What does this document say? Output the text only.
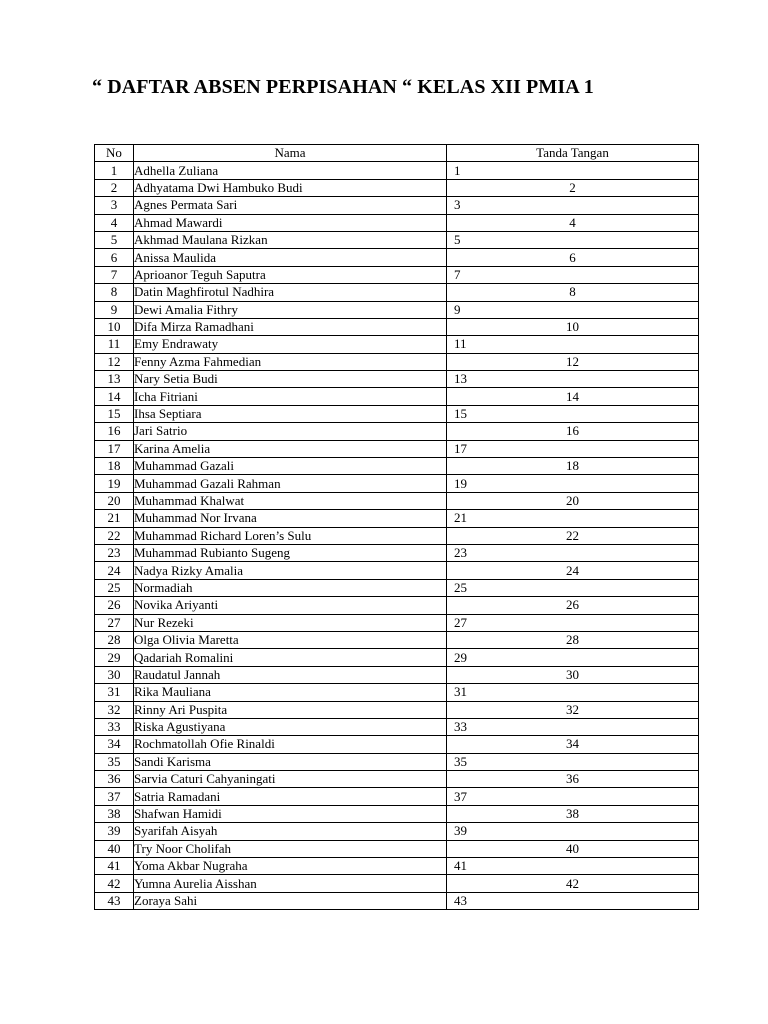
“ DAFTAR ABSEN PERPISAHAN “ KELAS XII PMIA 1
No	Nama	Tanda Tangan
1	Adhella Zuliana	1
2	Adhyatama Dwi Hambuko Budi	2
3	Agnes Permata Sari	3
4	Ahmad Mawardi	4
5	Akhmad Maulana Rizkan	5
6	Anissa Maulida	6
7	Aprioanor Teguh Saputra	7
8	Datin Maghfirotul Nadhira	8
9	Dewi Amalia Fithry	9
10	Difa Mirza Ramadhani	10
11	Emy Endrawaty	11
12	Fenny Azma Fahmedian	12
13	Nary Setia Budi	13
14	Icha Fitriani	14
15	Ihsa Septiara	15
16	Jari Satrio	16
17	Karina Amelia	17
18	Muhammad Gazali	18
19	Muhammad Gazali Rahman	19
20	Muhammad Khalwat	20
21	Muhammad Nor Irvana	21
22	Muhammad Richard Loren’s Sulu	22
23	Muhammad Rubianto Sugeng	23
24	Nadya Rizky Amalia	24
25	Normadiah	25
26	Novika Ariyanti	26
27	Nur Rezeki	27
28	Olga Olivia Maretta	28
29	Qadariah Romalini	29
30	Raudatul Jannah	30
31	Rika Mauliana	31
32	Rinny Ari Puspita	32
33	Riska Agustiyana	33
34	Rochmatollah Ofie Rinaldi	34
35	Sandi Karisma	35
36	Sarvia Caturi Cahyaningati	36
37	Satria Ramadani	37
38	Shafwan Hamidi	38
39	Syarifah Aisyah	39
40	Try Noor Cholifah	40
41	Yoma Akbar Nugraha	41
42	Yumna Aurelia Aisshan	42
43	Zoraya Sahi	43
